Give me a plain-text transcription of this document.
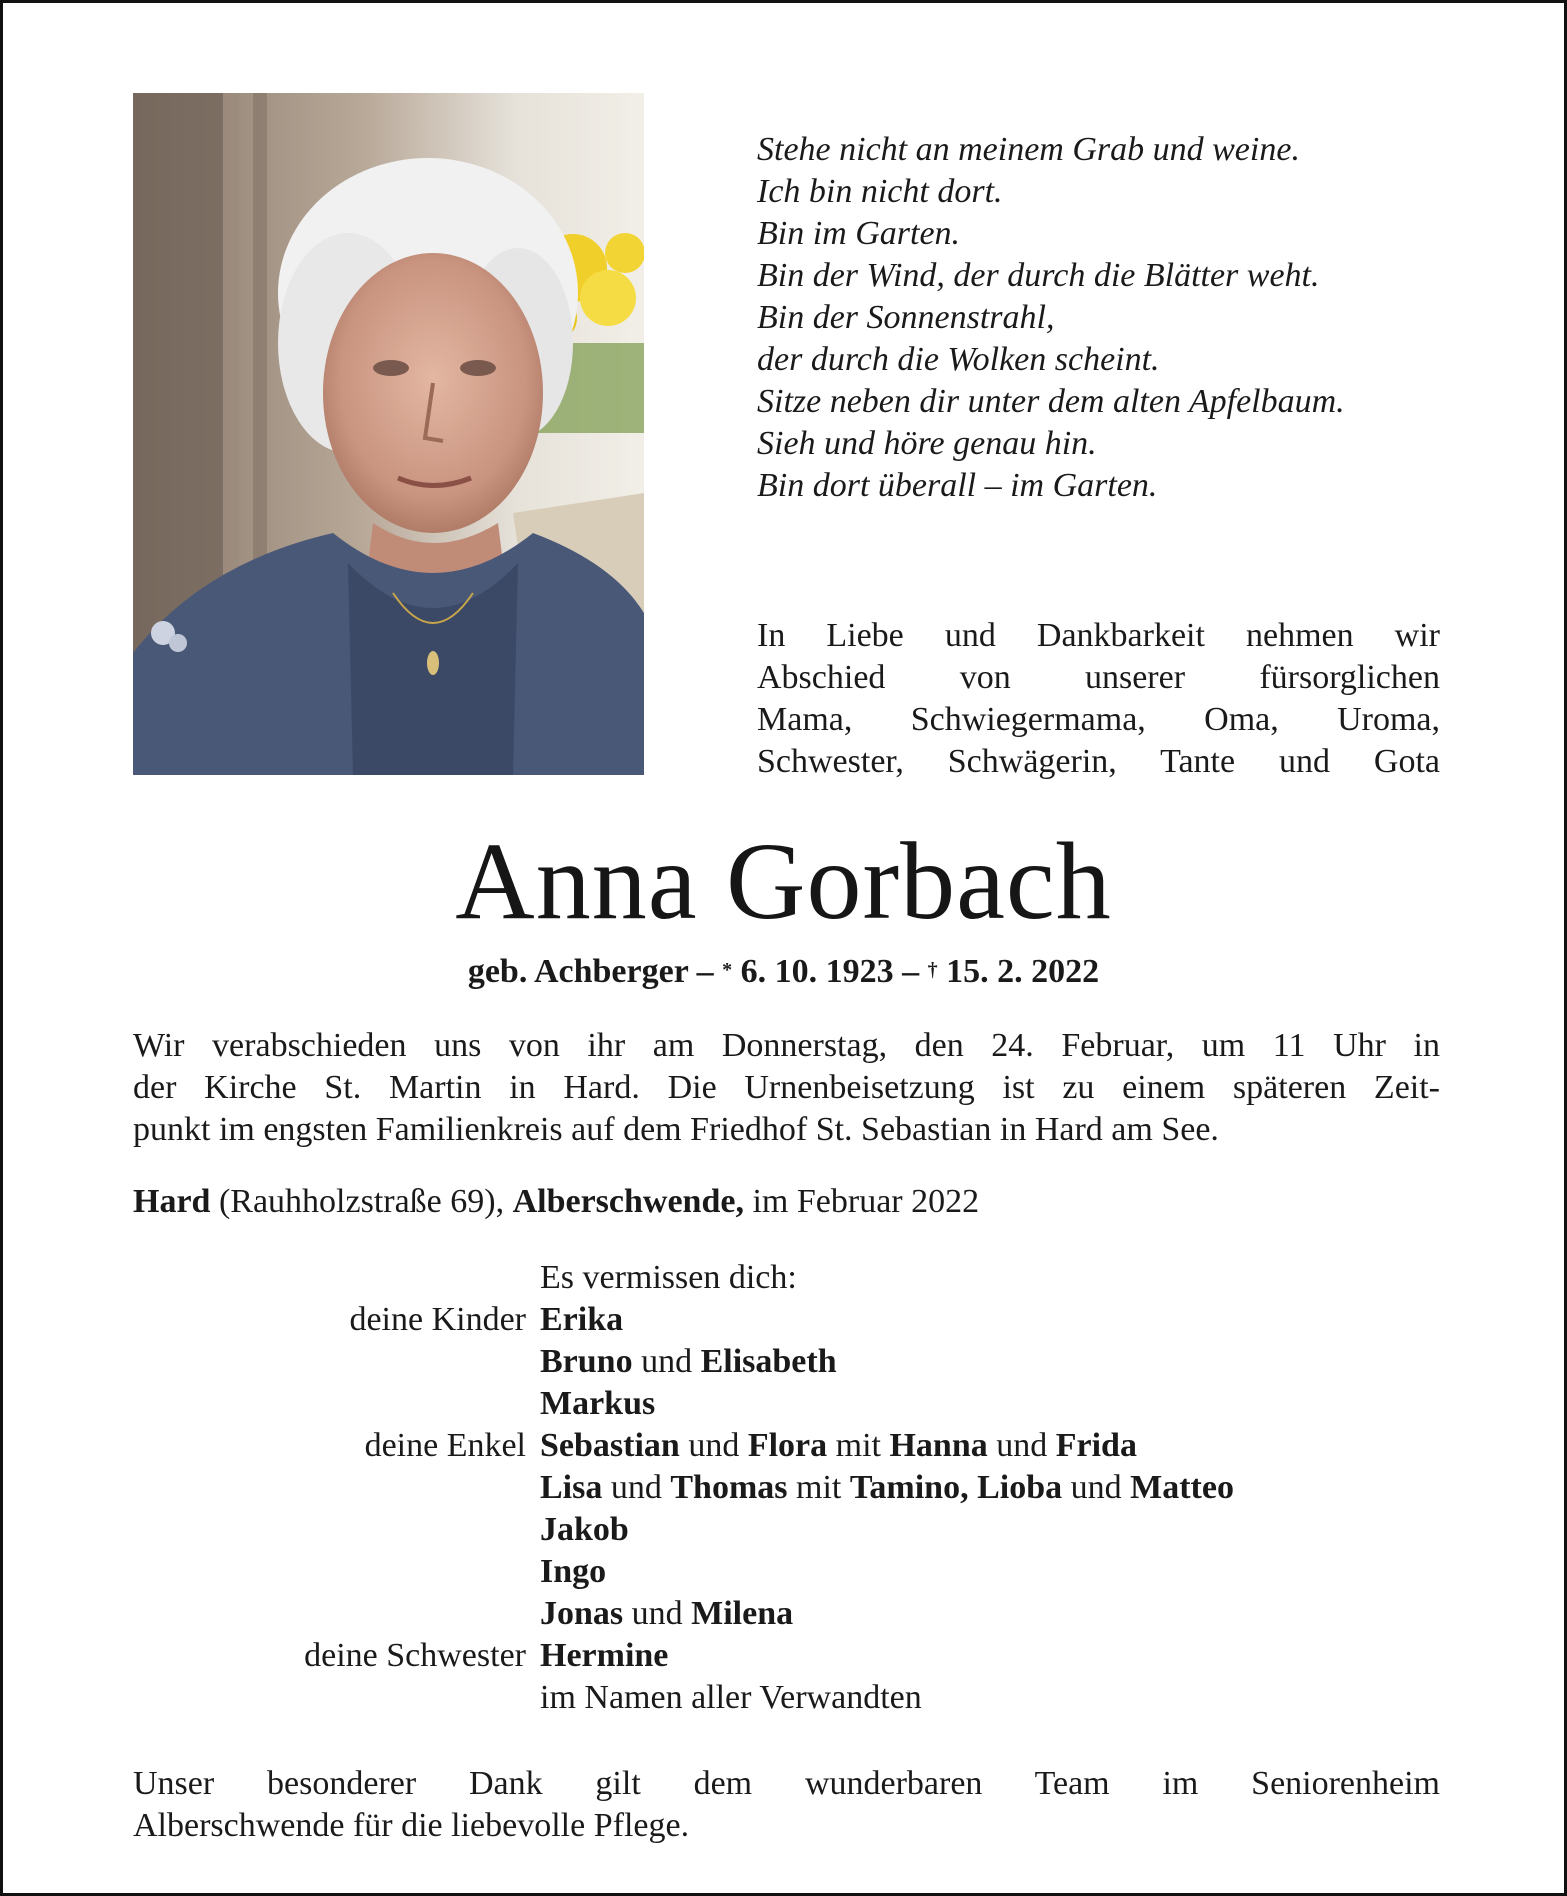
Stehe nicht an meinem Grab und weine.
Ich bin nicht dort.
Bin im Garten.
Bin der Wind, der durch die Blätter weht.
Bin der Sonnenstrahl,
der durch die Wolken scheint.
Sitze neben dir unter dem alten Apfelbaum.
Sieh und höre genau hin.
Bin dort überall – im Garten.
In Liebe und Dankbarkeit nehmen wir
Abschied von unserer fürsorglichen
Mama, Schwiegermama, Oma, Uroma,
Schwester, Schwägerin, Tante und Gota
Anna Gorbach
geb. Achberger – * 6. 10. 1923 – † 15. 2. 2022
Wir verabschieden uns von ihr am Donnerstag, den 24. Februar, um 11 Uhr in
der Kirche St. Martin in Hard. Die Urnenbeisetzung ist zu einem späteren Zeit-
punkt im engsten Familienkreis auf dem Friedhof St. Sebastian in Hard am See.
Hard (Rauhholzstraße 69), Alberschwende, im Februar 2022
Es vermissen dich:
deine Kinder Erika
Bruno und Elisabeth
Markus
deine Enkel Sebastian und Flora mit Hanna und Frida
Lisa und Thomas mit Tamino, Lioba und Matteo
Jakob
Ingo
Jonas und Milena
deine Schwester Hermine
im Namen aller Verwandten
Unser besonderer Dank gilt dem wunderbaren Team im Seniorenheim
Alberschwende für die liebevolle Pflege.
